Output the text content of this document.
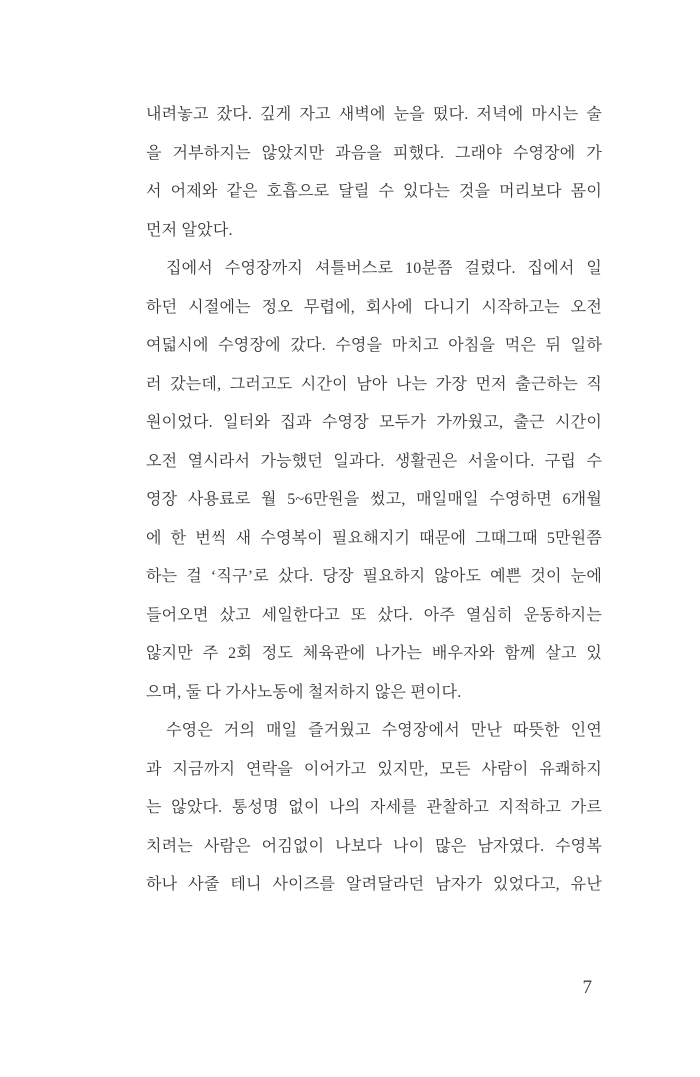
내려놓고 잤다. 깊게 자고 새벽에 눈을 떴다. 저녁에 마시는 술
을 거부하지는 않았지만 과음을 피했다. 그래야 수영장에 가
서 어제와 같은 호흡으로 달릴 수 있다는 것을 머리보다 몸이
먼저 알았다.
집에서 수영장까지 셔틀버스로 10분쯤 걸렸다. 집에서 일
하던 시절에는 정오 무렵에, 회사에 다니기 시작하고는 오전
여덟시에 수영장에 갔다. 수영을 마치고 아침을 먹은 뒤 일하
러 갔는데, 그러고도 시간이 남아 나는 가장 먼저 출근하는 직
원이었다. 일터와 집과 수영장 모두가 가까웠고, 출근 시간이
오전 열시라서 가능했던 일과다. 생활권은 서울이다. 구립 수
영장 사용료로 월 5~6만원을 썼고, 매일매일 수영하면 6개월
에 한 번씩 새 수영복이 필요해지기 때문에 그때그때 5만원쯤
하는 걸 ‘직구’로 샀다. 당장 필요하지 않아도 예쁜 것이 눈에
들어오면 샀고 세일한다고 또 샀다. 아주 열심히 운동하지는
않지만 주 2회 정도 체육관에 나가는 배우자와 함께 살고 있
으며, 둘 다 가사노동에 철저하지 않은 편이다.
수영은 거의 매일 즐거웠고 수영장에서 만난 따뜻한 인연
과 지금까지 연락을 이어가고 있지만, 모든 사람이 유쾌하지
는 않았다. 통성명 없이 나의 자세를 관찰하고 지적하고 가르
치려는 사람은 어김없이 나보다 나이 많은 남자였다. 수영복
하나 사줄 테니 사이즈를 알려달라던 남자가 있었다고, 유난
7
